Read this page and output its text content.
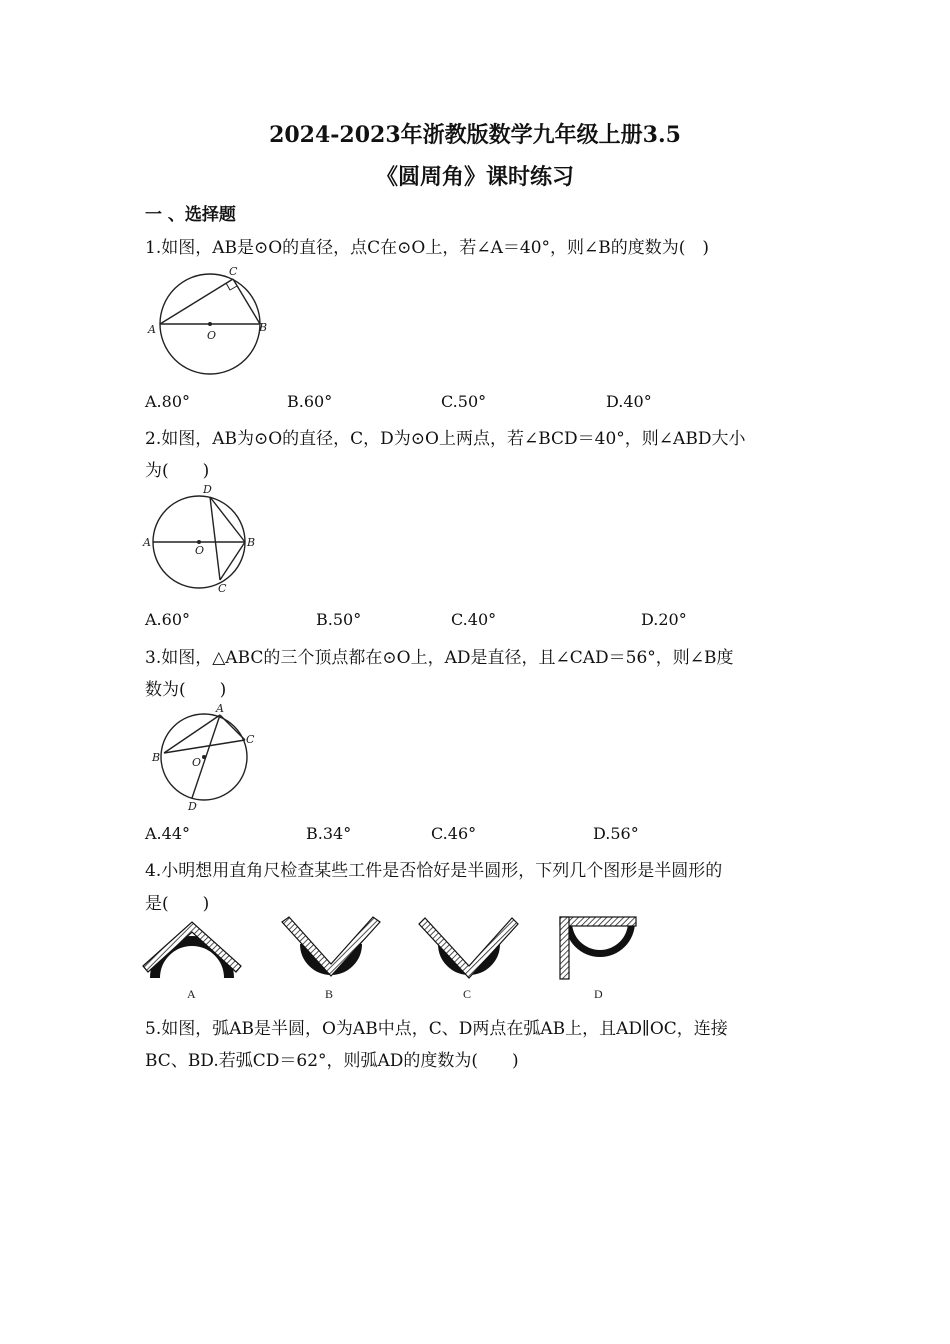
2024-2023年浙教版数学九年级上册3.5
《圆周角》课时练习
一 、选择题
1.如图，AB是⊙O的直径，点C在⊙O上，若∠A＝40°，则∠B的度数为(　)
A	B
C
O
A.80°	B.60°	C.50°	D.40°
2.如图，AB为⊙O的直径，C，D为⊙O上两点，若∠BCD＝40°，则∠ABD大小
为(　　)
A	B
C
D
O
A.60°	B.50°	C.40°	D.20°
3.如图，△ABC的三个顶点都在⊙O上，AD是直径，且∠CAD＝56°，则∠B度
数为(　　)
A
B
C
D
O
A.44°	B.34°	C.46°	D.56°
4.小明想用直角尺检查某些工件是否恰好是半圆形，下列几个图形是半圆形的
是(　　)
A	B	C	D
5.如图，弧AB是半圆，O为AB中点，C、D两点在弧AB上，且AD∥OC，连接
BC、BD.若弧CD＝62°，则弧AD的度数为(　　)
